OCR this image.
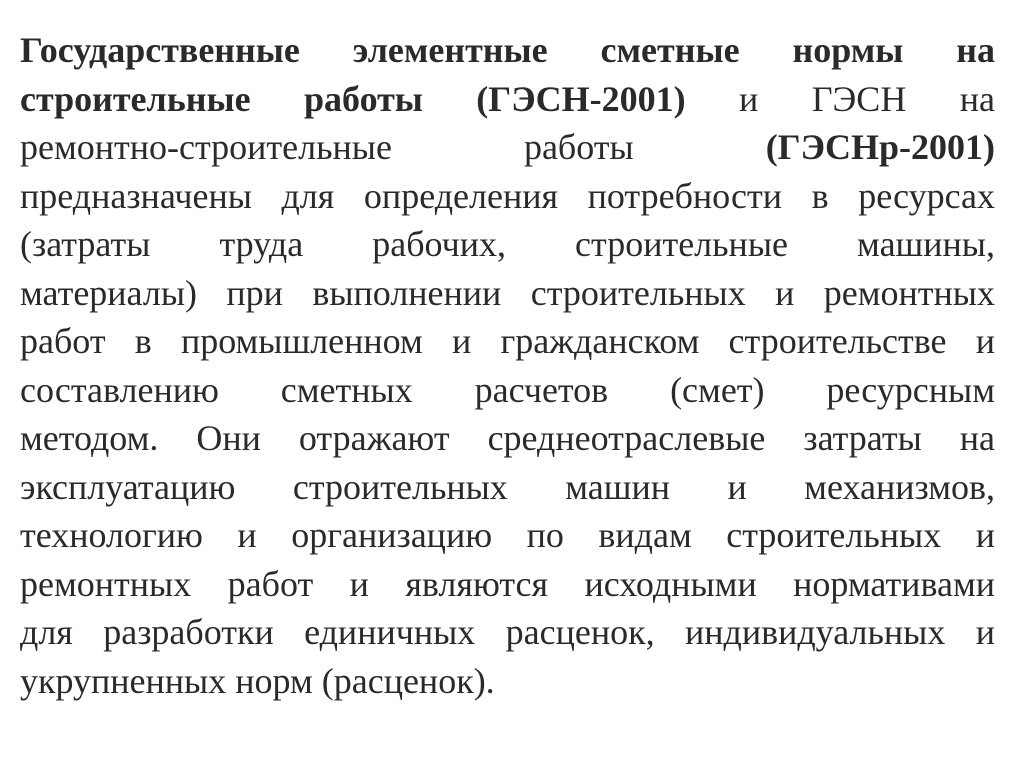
Государственные элементные сметные нормы на
строительные работы (ГЭСН-2001) и ГЭСН на
ремонтно-строительные работы (ГЭСНр-2001)
предназначены для определения потребности в ресурсах
(затраты труда рабочих, строительные машины,
материалы) при выполнении строительных и ремонтных
работ в промышленном и гражданском строительстве и
составлению сметных расчетов (смет) ресурсным
методом. Они отражают среднеотраслевые затраты на
эксплуатацию строительных машин и механизмов,
технологию и организацию по видам строительных и
ремонтных работ и являются исходными нормативами
для разработки единичных расценок, индивидуальных и
укрупненных норм (расценок).
